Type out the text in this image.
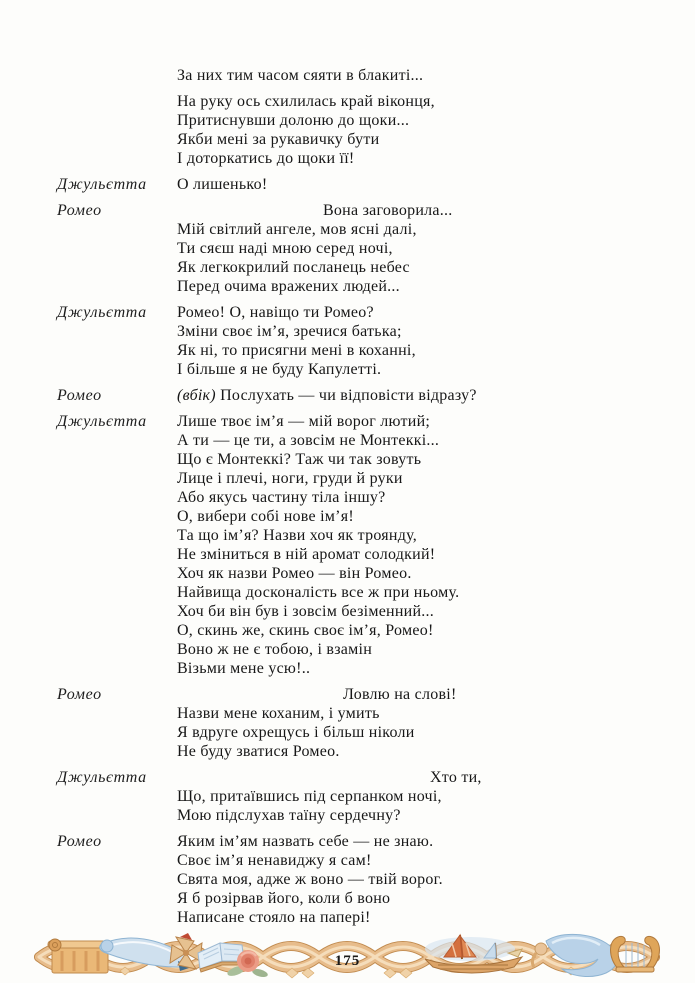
За них тим часом сяяти в блакиті...
На руку ось схилилась край віконця,
Притиснувши долоню до щоки...
Якби мені за рукавичку бути
І доторкатись до щоки її!
Джульєтта	О лишенько!
Ромео	Вона заговорила...
Мій світлий ангеле, мов ясні далі,
Ти сяєш наді мною серед ночі,
Як легкокрилий посланець небес
Перед очима вражених людей...
Джульєтта	Ромео! О, навіщо ти Ромео?
Зміни своє ім’я, зречися батька;
Як ні, то присягни мені в коханні,
І більше я не буду Капулетті.
Ромео	(вбік) Послухать — чи відповісти відразу?
Джульєтта	Лише твоє ім’я — мій ворог лютий;
А ти — це ти, а зовсім не Монтеккі...
Що є Монтеккі? Таж чи так зовуть
Лице і плечі, ноги, груди й руки
Або якусь частину тіла іншу?
О, вибери собі нове ім’я!
Та що ім’я? Назви хоч як троянду,
Не зміниться в ній аромат солодкий!
Хоч як назви Ромео — він Ромео.
Найвища досконалість все ж при ньому.
Хоч би він був і зовсім безіменний...
О, скинь же, скинь своє ім’я, Ромео!
Воно ж не є тобою, і взамін
Візьми мене усю!..
Ромео	Ловлю на слові!
Назви мене коханим, і умить
Я вдруге охрещусь і більш ніколи
Не буду зватися Ромео.
Джульєтта	Хто ти,
Що, притаївшись під серпанком ночі,
Мою підслухав таїну сердечну?
Ромео	Яким ім’ям назвать себе — не знаю.
Своє ім’я ненавиджу я сам!
Свята моя, адже ж воно — твій ворог.
Я б розірвав його, коли б воно
Написане стояло на папері!
175
